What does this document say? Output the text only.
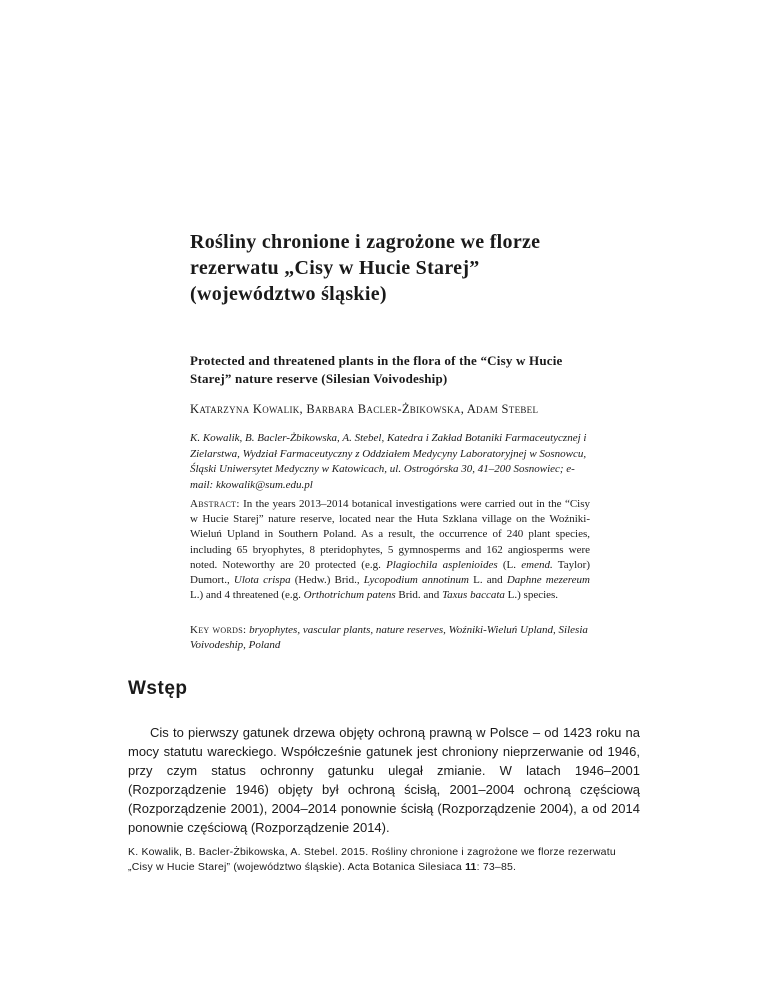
Rośliny chronione i zagrożone we florze rezerwatu „Cisy w Hucie Starej” (województwo śląskie)
Protected and threatened plants in the flora of the “Cisy w Hucie Starej” nature reserve (Silesian Voivodeship)

Katarzyna Kowalik, Barbara Bacler-Żbikowska, Adam Stebel

K. Kowalik, B. Bacler-Żbikowska, A. Stebel, Katedra i Zakład Botaniki Farmaceutycznej i Zielarstwa, Wydział Farmaceutyczny z Oddziałem Medycyny Laboratoryjnej w Sosnowcu, Śląski Uniwersytet Medyczny w Katowicach, ul. Ostrogórska 30, 41–200 Sosnowiec; e-mail: kkowalik@sum.edu.pl

Abstract: In the years 2013–2014 botanical investigations were carried out in the “Cisy w Hucie Starej” nature reserve, located near the Huta Szklana village on the Woźniki-Wieluń Upland in Southern Poland. As a result, the occurrence of 240 plant species, including 65 bryophytes, 8 pteridophytes, 5 gymnosperms and 162 angiosperms were noted. Noteworthy are 20 protected (e.g. Plagiochila asplenioides (L. emend. Taylor) Dumort., Ulota crispa (Hedw.) Brid., Lycopodium annotinum L. and Daphne mezereum L.) and 4 threatened (e.g. Orthotrichum patens Brid. and Taxus baccata L.) species.

Key words: bryophytes, vascular plants, nature reserves, Woźniki-Wieluń Upland, Silesia Voivodeship, Poland

Wstęp

Cis to pierwszy gatunek drzewa objęty ochroną prawną w Polsce – od 1423 roku na mocy statutu wareckiego. Współcześnie gatunek jest chroniony nieprzerwanie od 1946, przy czym status ochronny gatunku ulegał zmianie. W latach 1946–2001 (Rozporządzenie 1946) objęty był ochroną ścisłą, 2001–2004 ochroną częściową (Rozporządzenie 2001), 2004–2014 ponownie ścisłą (Rozporządzenie 2004), a od 2014 ponownie częściową (Rozporządzenie 2014).

K. Kowalik, B. Bacler-Żbikowska, A. Stebel. 2015. Rośliny chronione i zagrożone we florze rezerwatu „Cisy w Hucie Starej” (województwo śląskie). Acta Botanica Silesiaca 11: 73–85.
